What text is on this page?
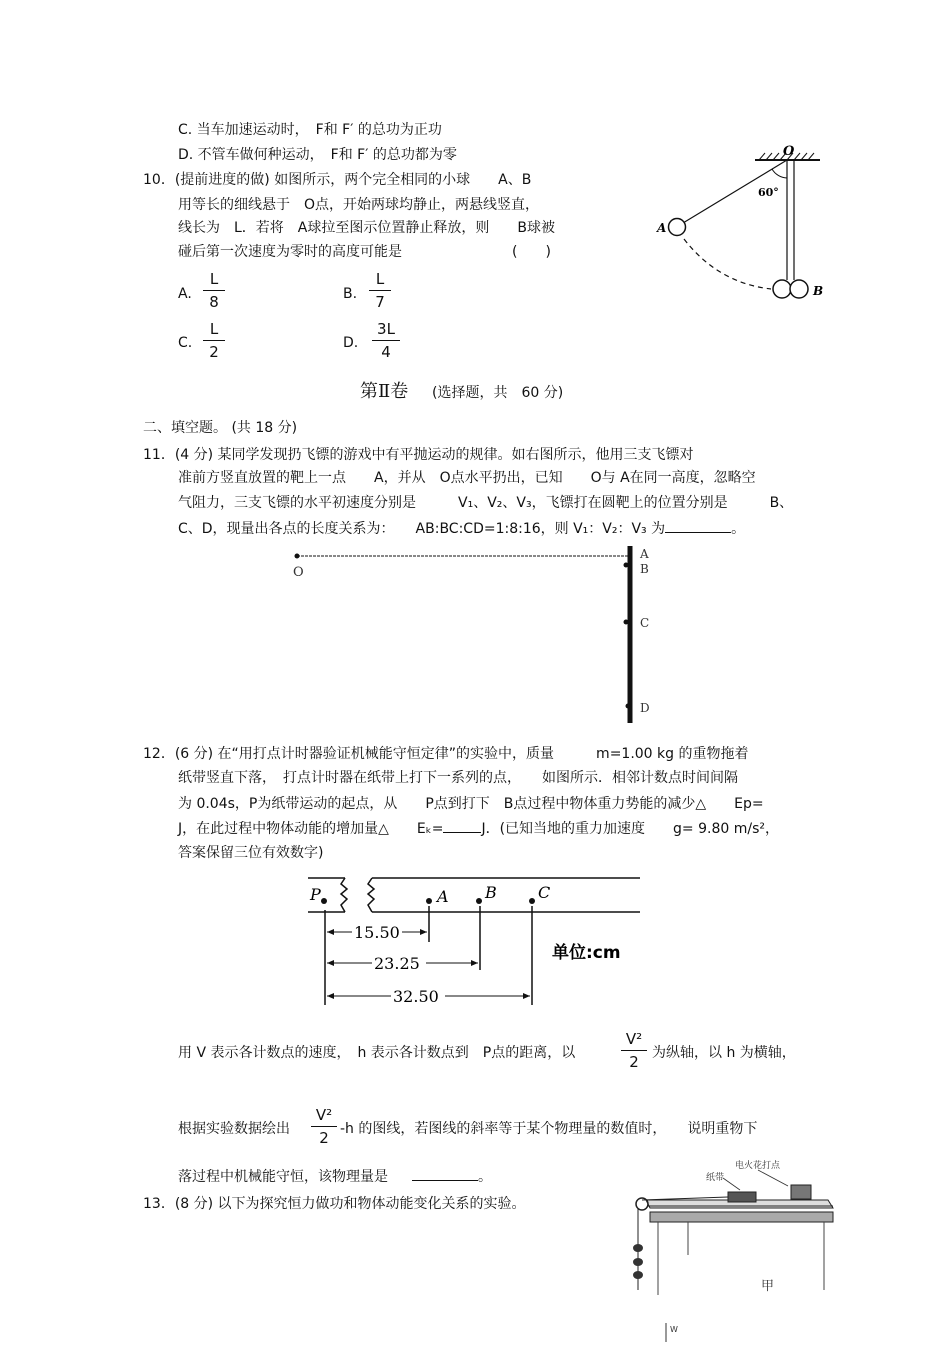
C. 当车加速运动时，　F和 F′ 的总功为正功
D. 不管车做何种运动，　F和 F′ 的总功都为零
10．(提前进度的做) 如图所示，两个完全相同的小球　　A、B
用等长的细线悬于　O点，开始两球均静止，两悬线竖直，
线长为　L．若将　A球拉至图示位置静止释放，则　　B球被
碰后第一次速度为零时的高度可能是	(　　)
A.
L
8	B.
L
7
C.
L
2	D.
3L
4
O
60°
A
B
第Ⅱ卷 (选择题，共　60 分)
二、填空题。 (共 18 分)
11．(4 分) 某同学发现扔飞镖的游戏中有平抛运动的规律。如右图所示，他用三支飞镖对
准前方竖直放置的靶上一点　　A，并从　O点水平扔出，已知　　O与 A在同一高度，忽略空
气阻力，三支飞镖的水平初速度分别是　　　V₁、V₂、V₃，飞镖打在圆靶上的位置分别是　　　B、
C、D，现量出各点的长度关系为：　　AB:BC:CD=1:8:16，则 V₁：V₂：V₃ 为	。
O
A
B
C
D
12．(6 分) 在“用打点计时器验证机械能守恒定律”的实验中，质量　　　m=1.00 kg 的重物拖着
纸带竖直下落，　打点计时器在纸带上打下一系列的点，　　如图所示．相邻计数点时间间隔
为 0.04s，P为纸带运动的起点，从　　P点到打下　B点过程中物体重力势能的减少△　　Ep=
J，在此过程中物体动能的增加量△　　Eₖ=	J．(已知当地的重力加速度　　g= 9.80 m/s²，
答案保留三位有效数字)
P	A B	C
15.50
23.25
32.50
单位:cm
用 V 表示各计数点的速度，　h 表示各计数点到　P点的距离，以
V²
2 为纵轴，以 h 为横轴，
根据实验数据绘出
V²
2 -h 的图线，若图线的斜率等于某个物理量的数值时，　　说明重物下
落过程中机械能守恒，该物理量是	。
13．(8 分) 以下为探究恒力做功和物体动能变化关系的实验。
纸带
电火花打点
甲
W
